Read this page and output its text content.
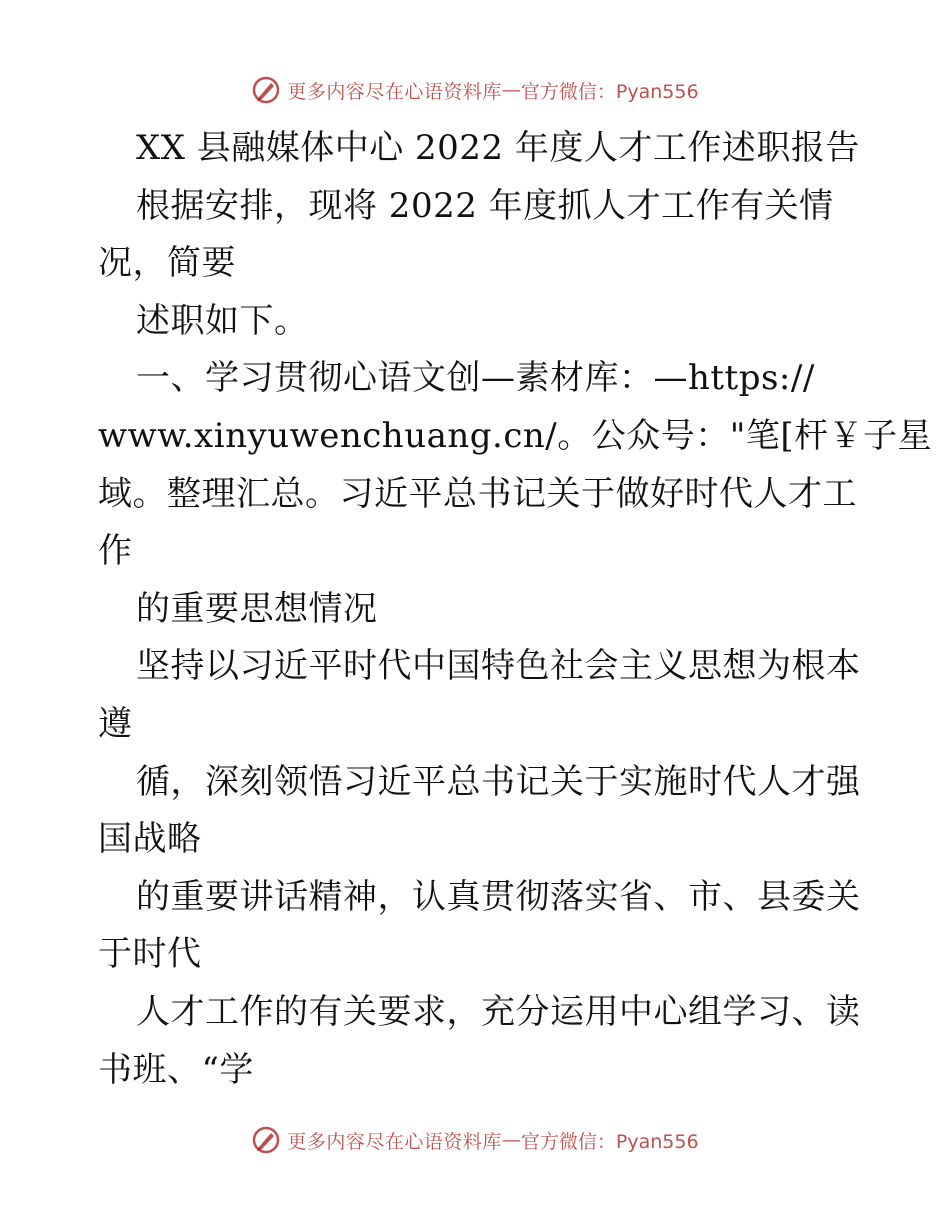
更多内容尽在心语资料库 — 官方微信：Pyan556
XX 县融媒体中心 2022 年度人才工作述职报告
根据安排，现将 2022 年度抓人才工作有关情
况，简要
述职如下。
一、学习贯彻心语文创—素材库：—https://
www.xinyuwenchuang.cn/。公众号："笔[杆￥子星
域。整理汇总。习近平总书记关于做好时代人才工
作
的重要思想情况
坚持以习近平时代中国特色社会主义思想为根本
遵
循，深刻领悟习近平总书记关于实施时代人才强
国战略
的重要讲话精神，认真贯彻落实省、市、县委关
于时代
人才工作的有关要求，充分运用中心组学习、读
书班、“学
更多内容尽在心语资料库 — 官方微信：Pyan556
